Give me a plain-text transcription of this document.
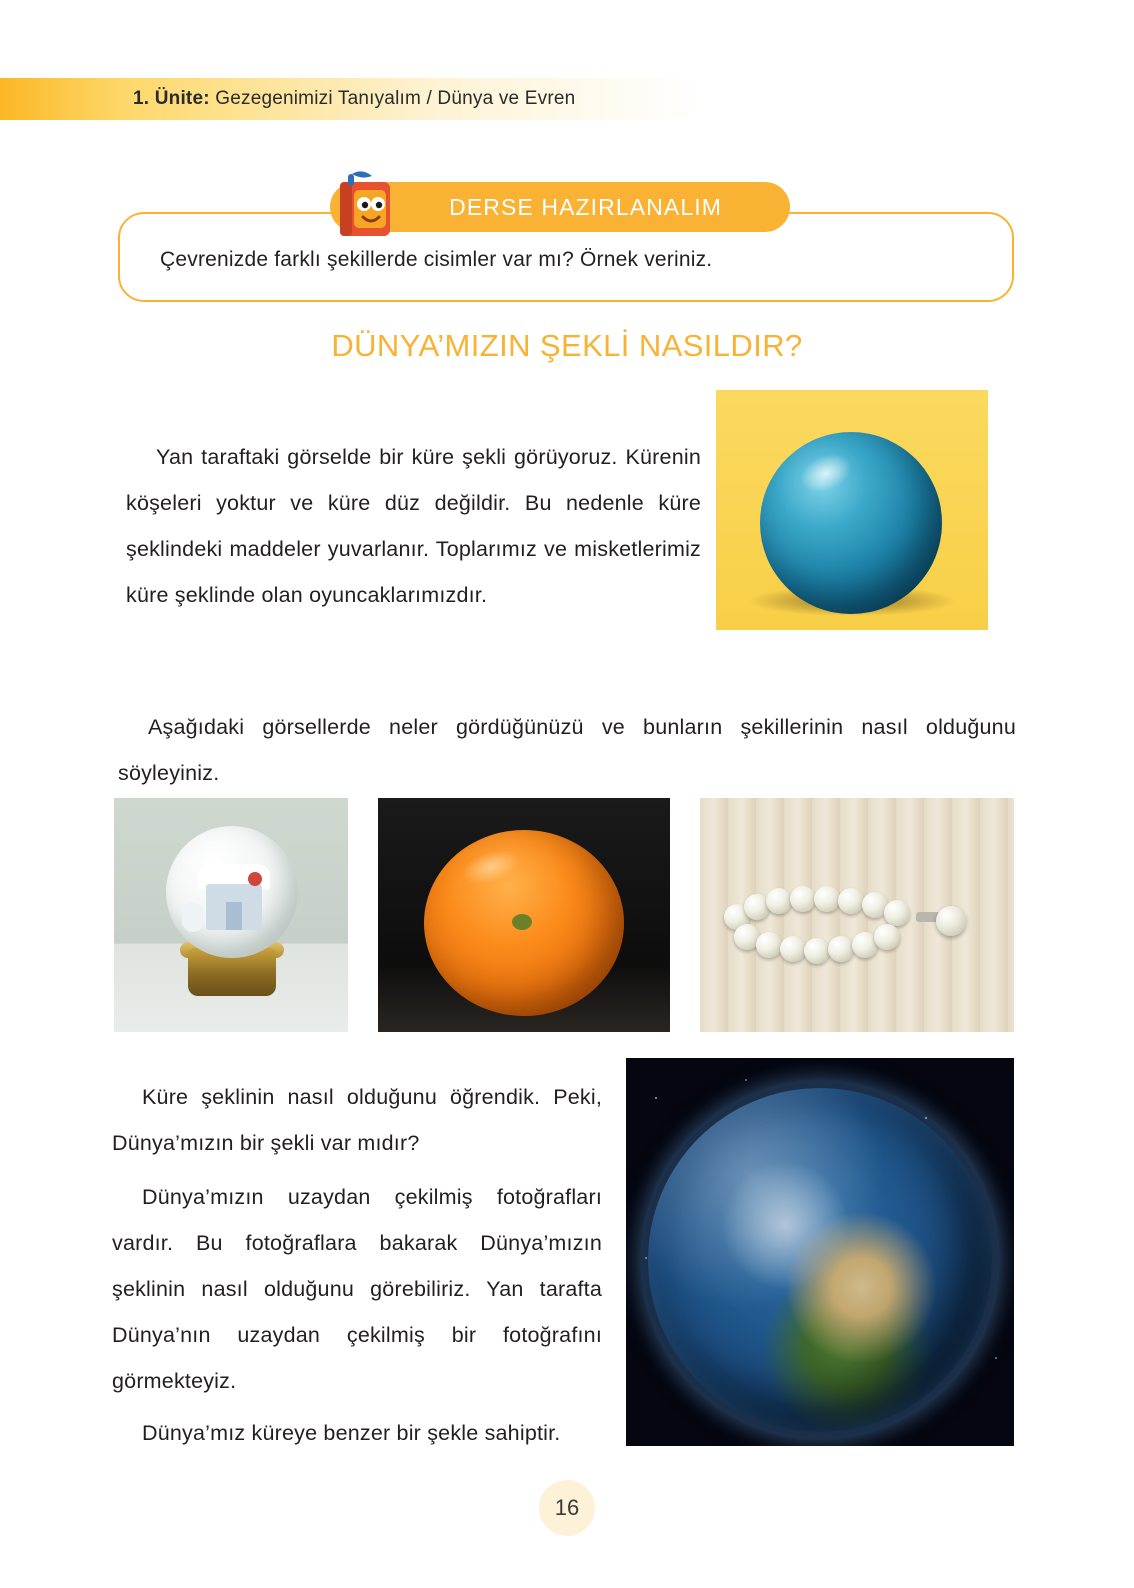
1. Ünite: Gezegenimizi Tanıyalım / Dünya ve Evren
Çevrenizde farklı şekillerde cisimler var mı? Örnek veriniz.
DERSE HAZIRLANALIM
DÜNYA’MIZIN ŞEKLİ NASILDIR?

Yan taraftaki görselde bir küre şekli görüyoruz. Kürenin köşeleri yoktur ve küre düz değildir. Bu nedenle küre şeklindeki maddeler yuvarlanır. Toplarımız ve misketlerimiz küre şeklinde olan oyuncaklarımızdır.

Aşağıdaki görsellerde neler gördüğünüzü ve bunların şekillerinin nasıl olduğunu söyleyiniz.

Küre şeklinin nasıl olduğunu öğrendik. Peki, Dünya’mızın bir şekli var mıdır?

Dünya’mızın uzaydan çekilmiş fotoğrafları vardır. Bu fotoğraflara bakarak Dünya’mızın şeklinin nasıl olduğunu görebiliriz. Yan tarafta Dünya’nın uzaydan çekilmiş bir fotoğrafını görmekteyiz.

Dünya’mız küreye benzer bir şekle sahiptir.

16
